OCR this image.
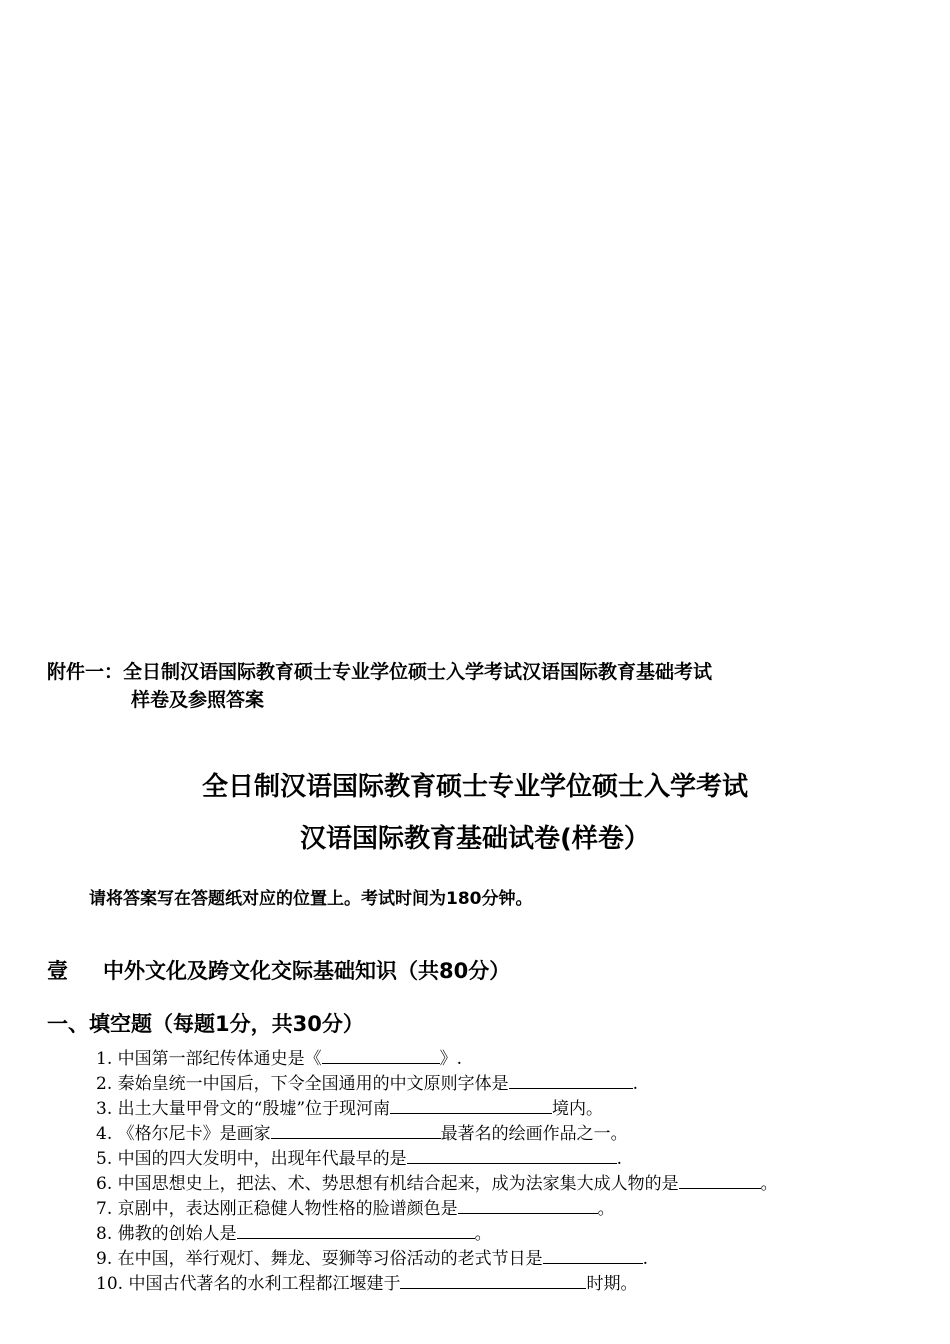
附件一：全日制汉语国际教育硕士专业学位硕士入学考试汉语国际教育基础考试
样卷及参照答案
全日制汉语国际教育硕士专业学位硕士入学考试
汉语国际教育基础试卷(样卷）
请将答案写在答题纸对应的位置上。考试时间为180分钟。
壹 中外文化及跨文化交际基础知识（共80分）
一、填空题（每题1分，共30分）
1. 中国第一部纪传体通史是《	》.
2. 秦始皇统一中国后，下令全国通用的中文原则字体是	.
3. 出土大量甲骨文的“殷墟”位于现河南	境内。
4. 《格尔尼卡》是画家	最著名的绘画作品之一。
5. 中国的四大发明中，出现年代最早的是	.
6. 中国思想史上，把法、术、势思想有机结合起来，成为法家集大成人物的是	。
7. 京剧中，表达刚正稳健人物性格的脸谱颜色是	。
8. 佛教的创始人是	。
9. 在中国，举行观灯、舞龙、耍狮等习俗活动的老式节日是	.
10. 中国古代著名的水利工程都江堰建于	时期。
